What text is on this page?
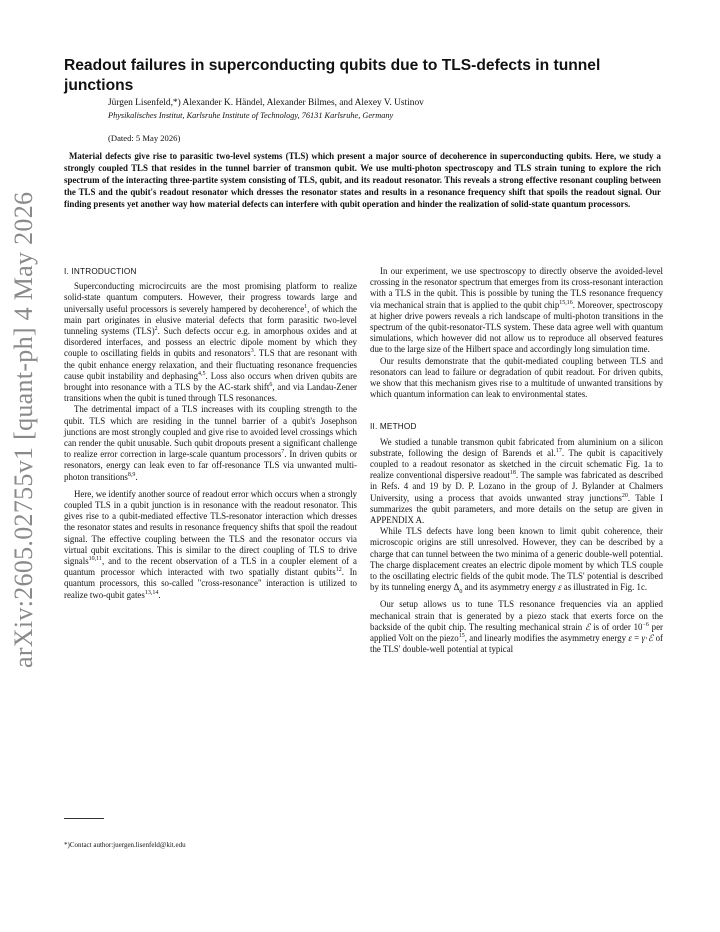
arXiv:2605.02755v1 [quant-ph] 4 May 2026
Readout failures in superconducting qubits due to TLS-defects in tunnel junctions
Jürgen Lisenfeld,*) Alexander K. Händel, Alexander Bilmes, and Alexey V. Ustinov
Physikalisches Institut, Karlsruhe Institute of Technology, 76131 Karlsruhe, Germany
(Dated: 5 May 2026)

Material defects give rise to parasitic two-level systems (TLS) which present a major source of decoherence in superconducting qubits. Here, we study a strongly coupled TLS that resides in the tunnel barrier of transmon qubit. We use multi-photon spectroscopy and TLS strain tuning to explore the rich spectrum of the interacting three-partite system consisting of TLS, qubit, and its readout resonator. This reveals a strong effective resonant coupling between the TLS and the qubit's readout resonator which dresses the resonator states and results in a resonance frequency shift that spoils the readout signal. Our finding presents yet another way how material defects can interfere with qubit operation and hinder the realization of solid-state quantum processors.

I. INTRODUCTION

Superconducting microcircuits are the most promising platform to realize solid-state quantum computers. However, their progress towards large and universally useful processors is severely hampered by decoherence$^1$, of which the main part originates in elusive material defects that form parasitic two-level tunneling systems (TLS)$^2$. Such defects occur e.g. in amorphous oxides and at disordered interfaces, and possess an electric dipole moment by which they couple to oscillating fields in qubits and resonators$^3$. TLS that are resonant with the qubit enhance energy relaxation, and their fluctuating resonance frequencies cause qubit instability and dephasing$^{4,5}$. Loss also occurs when driven qubits are brought into resonance with a TLS by the AC-stark shift$^6$, and via Landau-Zener transitions when the qubit is tuned through TLS resonances.

The detrimental impact of a TLS increases with its coupling strength to the qubit. TLS which are residing in the tunnel barrier of a qubit's Josephson junctions are most strongly coupled and give rise to avoided level crossings which can render the qubit unusable. Such qubit dropouts present a significant challenge to realize error correction in large-scale quantum processors$^7$. In driven qubits or resonators, energy can leak even to far off-resonance TLS via unwanted multi-photon transitions$^{8,9}$.

Here, we identify another source of readout error which occurs when a strongly coupled TLS in a qubit junction is in resonance with the readout resonator. This gives rise to a qubit-mediated effective TLS-resonator interaction which dresses the resonator states and results in resonance frequency shifts that spoil the readout signal. The effective coupling between the TLS and the resonator occurs via virtual qubit excitations. This is similar to the direct coupling of TLS to drive signals$^{10,11}$, and to the recent observation of a TLS in a coupler element of a quantum processor which interacted with two spatially distant qubits$^{12}$. In quantum processors, this so-called "cross-resonance" interaction is utilized to realize two-qubit gates$^{13,14}$.

In our experiment, we use spectroscopy to directly observe the avoided-level crossing in the resonator spectrum that emerges from its cross-resonant interaction with a TLS in the qubit. This is possible by tuning the TLS resonance frequency via mechanical strain that is applied to the qubit chip$^{15,16}$. Moreover, spectroscopy at higher drive powers reveals a rich landscape of multi-photon transitions in the spectrum of the qubit-resonator-TLS system. These data agree well with quantum simulations, which however did not allow us to reproduce all observed features due to the large size of the Hilbert space and accordingly long simulation time.

Our results demonstrate that the qubit-mediated coupling between TLS and resonators can lead to failure or degradation of qubit readout. For driven qubits, we show that this mechanism gives rise to a multitude of unwanted transitions by which quantum information can leak to environmental states.

II. METHOD

We studied a tunable transmon qubit fabricated from aluminium on a silicon substrate, following the design of Barends et al.$^{17}$. The qubit is capacitively coupled to a readout resonator as sketched in the circuit schematic Fig. 1a to realize conventional dispersive readout$^{18}$. The sample was fabricated as described in Refs. 4 and 19 by D. P. Lozano in the group of J. Bylander at Chalmers University, using a process that avoids unwanted stray junctions$^{20}$. Table I summarizes the qubit parameters, and more details on the setup are given in APPENDIX A.

While TLS defects have long been known to limit qubit coherence, their microscopic origins are still unresolved. However, they can be described by a charge that can tunnel between the two minima of a generic double-well potential. The charge displacement creates an electric dipole moment by which TLS couple to the oscillating electric fields of the qubit mode. The TLS' potential is described by its tunneling energy $\Delta_0$ and its asymmetry energy ε as illustrated in Fig. 1c.

Our setup allows us to tune TLS resonance frequencies via an applied mechanical strain that is generated by a piezo stack that exerts force on the backside of the qubit chip. The resulting mechanical strain ℰ is of order $10^{-6}$ per applied Volt on the piezo$^{15}$, and linearly modifies the asymmetry energy ε = γ·ℰ of the TLS' double-well potential at typical

*)Contact author:juergen.lisenfeld@kit.edu
